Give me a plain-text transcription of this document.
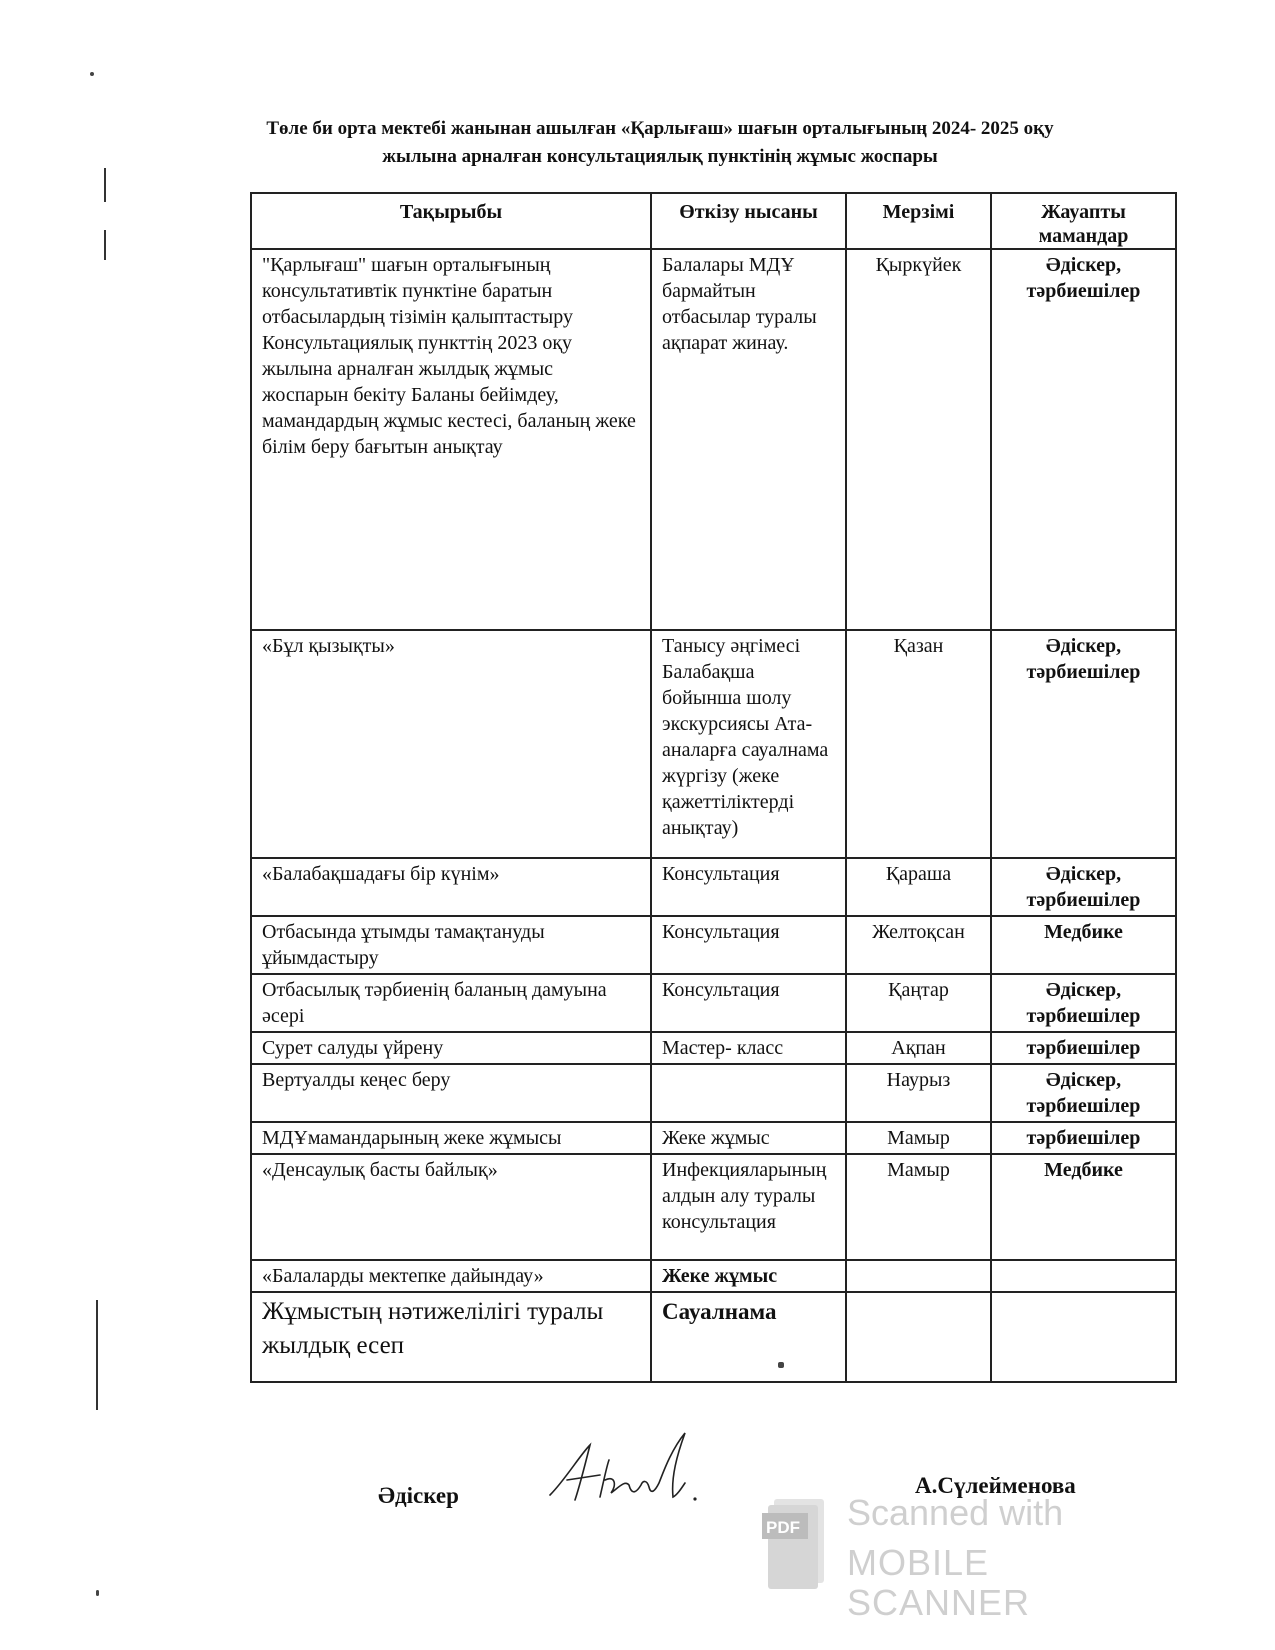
Төле би орта мектебі жанынан ашылған «Қарлығаш» шағын орталығының 2024- 2025 оқу
жылына арналған консультациялық пунктінің жұмыс жоспары
Тақырыбы	Өткізу нысаны	Мерзімі	Жауапты мамандар
"Қарлығаш" шағын орталығының консультативтік пунктіне баратын отбасылардың тізімін қалыптастыру Консультациялық пункттің 2023 оқу жылына арналған жылдық жұмыс жоспарын бекіту Баланы бейімдеу, мамандардың жұмыс кестесі, баланың жеке білім беру бағытын анықтау	Балалары МДҰ бармайтын отбасылар туралы ақпарат жинау.	Қыркүйек	Әдіскер, тәрбиешілер
«Бұл қызықты»	Танысу әңгімесі Балабақша бойынша шолу экскурсиясы Ата-аналарға сауалнама жүргізу (жеке қажеттіліктерді анықтау)	Қазан	Әдіскер, тәрбиешілер
«Балабақшадағы бір күнім»	Консультация	Қараша	Әдіскер, тәрбиешілер
Отбасында ұтымды тамақтануды ұйымдастыру	Консультация	Желтоқсан	Медбике
Отбасылық тәрбиенің баланың дамуына әсері	Консультация	Қаңтар	Әдіскер, тәрбиешілер
Сурет салуды үйрену	Мастер- класс	Ақпан	тәрбиешілер
Вертуалды кеңес беру		Наурыз	Әдіскер, тәрбиешілер
МДҰмамандарының жеке жұмысы	Жеке жұмыс	Мамыр	тәрбиешілер
«Денсаулық басты байлық»	Инфекцияларының алдын алу туралы консультация	Мамыр	Медбике
«Балаларды мектепке дайындау»	Жеке жұмыс		
Жұмыстың нәтижелілігі туралы жылдық есеп	Сауалнама		
Әдіскер	А.Сүлейменова
PDF Scanned with
MOBILE SCANNER
